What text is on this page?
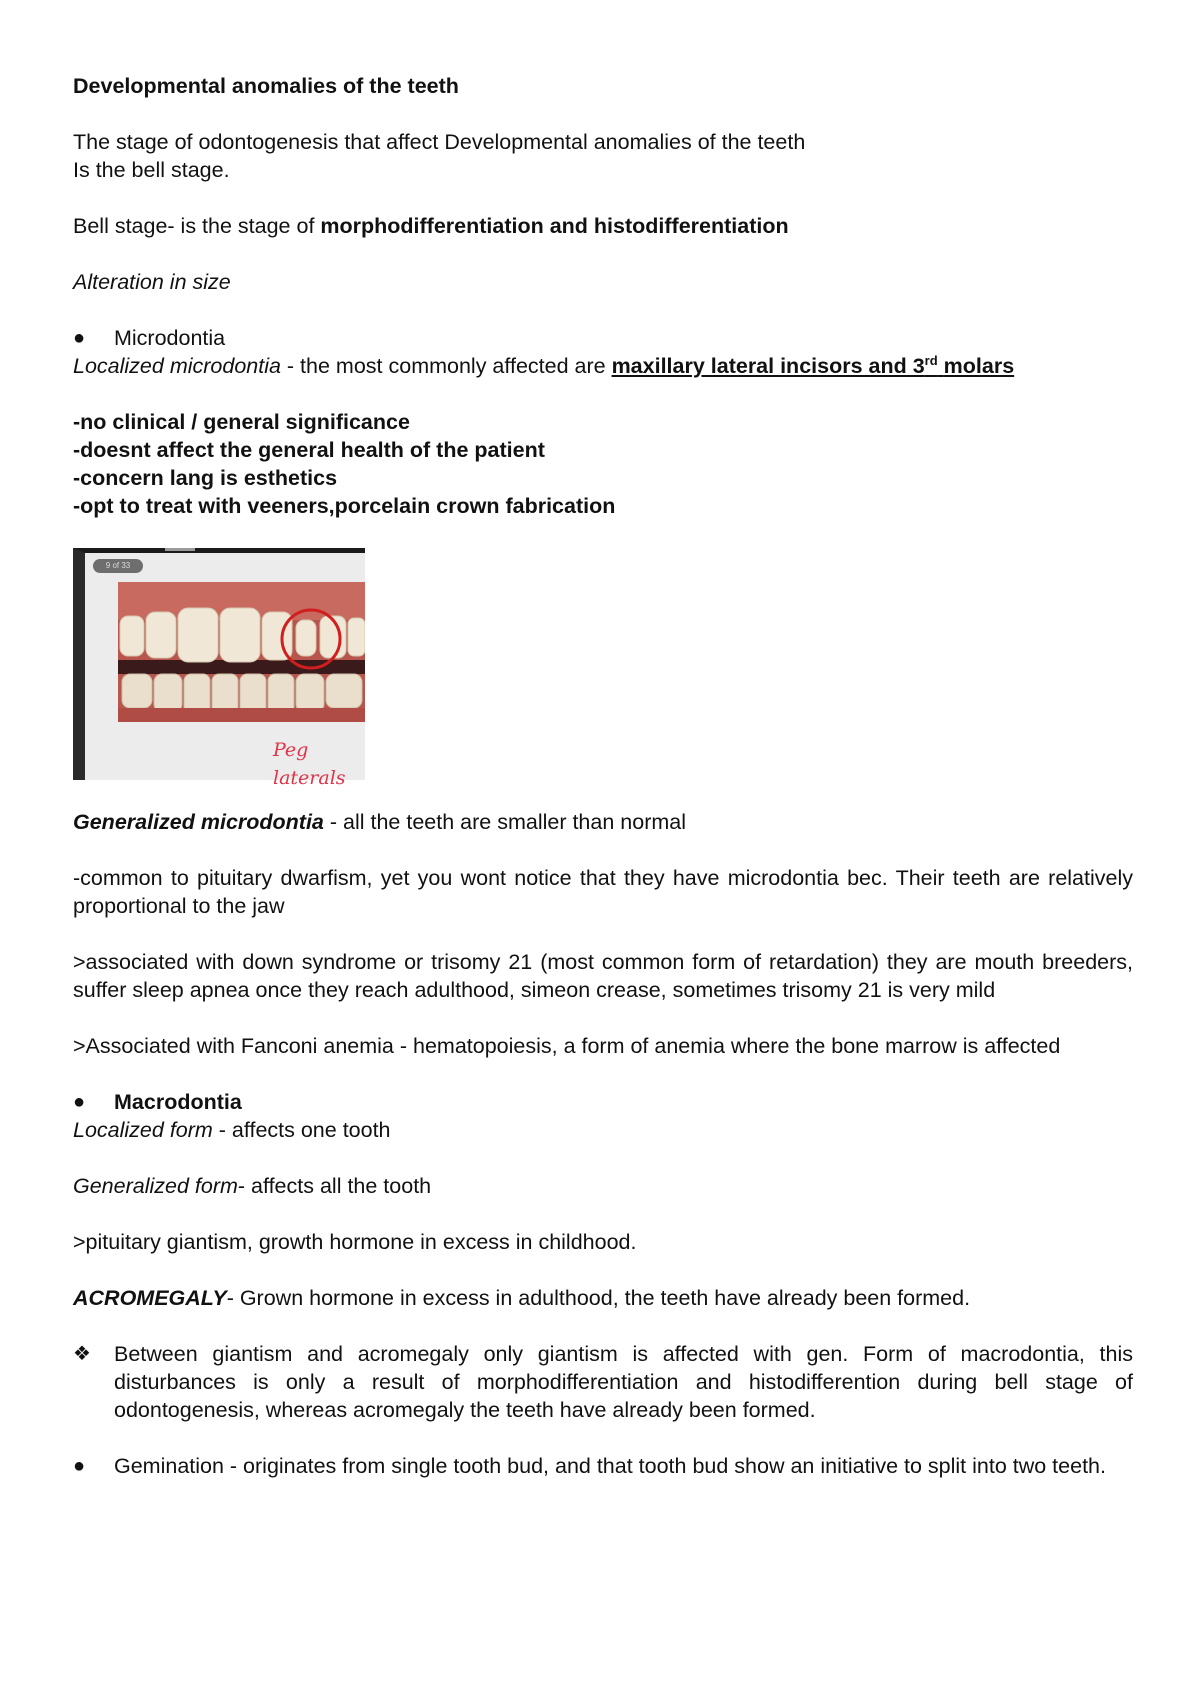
Developmental anomalies of the teeth

The stage of odontogenesis that affect Developmental anomalies of the teeth

Is the bell stage.

Bell stage- is the stage of morphodifferentiation and histodifferentiation

Alteration in size

●	Microdontia

Localized microdontia - the most commonly affected are maxillary lateral incisors and 3rd molars

-no clinical / general significance

-doesnt affect the general health of the patient

-concern lang is esthetics

-opt to treat with veeners,porcelain crown fabrication

9 of 33
Peg laterals

Generalized microdontia - all the teeth are smaller than normal

-common to pituitary dwarfism, yet you wont notice that they have microdontia bec. Their teeth are relatively proportional to the jaw

>associated with down syndrome or trisomy 21 (most common form of retardation) they are mouth breeders, suffer sleep apnea once they reach adulthood, simeon crease, sometimes trisomy 21 is very mild

>Associated with Fanconi anemia - hematopoiesis, a form of anemia where the bone marrow is affected

●	Macrodontia

Localized form - affects one tooth

Generalized form- affects all the tooth

>pituitary giantism, growth hormone in excess in childhood.

ACROMEGALY- Grown hormone in excess in adulthood, the teeth have already been formed.

❖	Between giantism and acromegaly only giantism is affected with gen. Form of macrodontia, this disturbances is only a result of morphodifferentiation and histodifferention during bell stage of odontogenesis, whereas acromegaly the teeth have already been formed.
●	Gemination - originates from single tooth bud, and that tooth bud show an initiative to split into two teeth.
